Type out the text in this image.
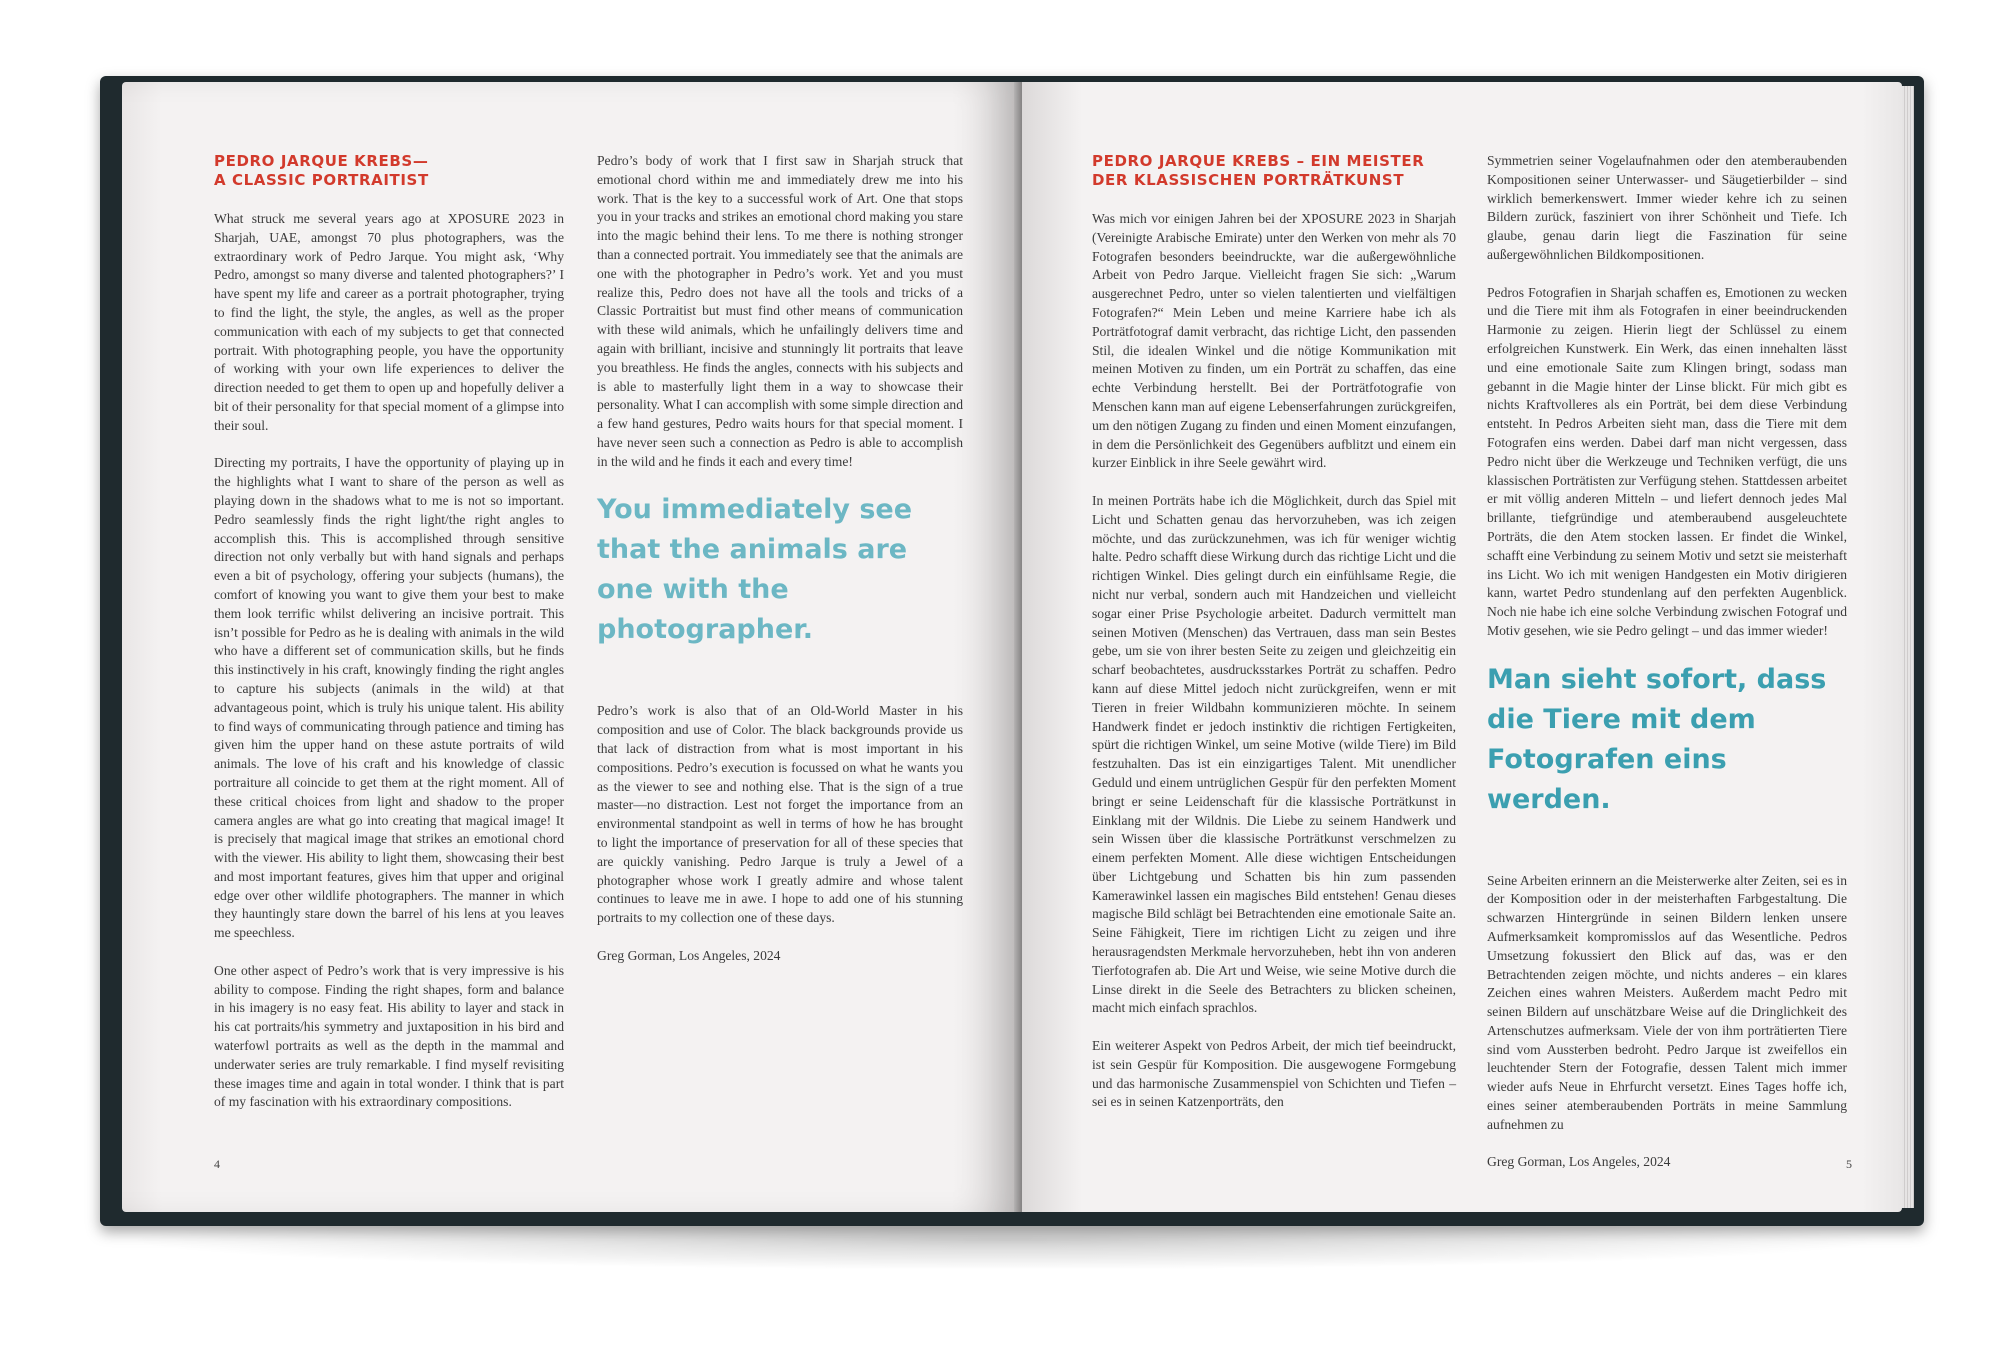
PEDRO JARQUE KREBS—
A CLASSIC PORTRAITIST

What struck me several years ago at XPOSURE 2023 in Sharjah, UAE, amongst 70 plus photographers, was the extraordinary work of Pedro Jarque. You might ask, ‘Why Pedro, amongst so many diverse and talented photographers?’ I have spent my life and career as a portrait photographer, trying to find the light, the style, the angles, as well as the proper communication with each of my subjects to get that connected portrait. With photographing people, you have the opportunity of working with your own life experiences to deliver the direction needed to get them to open up and hopefully deliver a bit of their personality for that special moment of a glimpse into their soul.

Directing my portraits, I have the opportunity of playing up in the highlights what I want to share of the person as well as playing down in the shadows what to me is not so important. Pedro seamlessly finds the right light/the right angles to accomplish this. This is accomplished through sensitive direction not only verbally but with hand signals and perhaps even a bit of psychology, offering your subjects (humans), the comfort of knowing you want to give them your best to make them look terrific whilst delivering an incisive portrait. This isn’t possible for Pedro as he is dealing with animals in the wild who have a different set of communication skills, but he finds this instinctively in his craft, knowingly finding the right angles to capture his subjects (animals in the wild) at that advantageous point, which is truly his unique talent. His ability to find ways of communicating through patience and timing has given him the upper hand on these astute portraits of wild animals. The love of his craft and his knowledge of classic portraiture all coincide to get them at the right moment. All of these critical choices from light and shadow to the proper camera angles are what go into creating that magical image! It is precisely that magical image that strikes an emotional chord with the viewer. His ability to light them, showcasing their best and most important features, gives him that upper and original edge over other wildlife photographers. The manner in which they hauntingly stare down the barrel of his lens at you leaves me speechless.

One other aspect of Pedro’s work that is very impressive is his ability to compose. Finding the right shapes, form and balance in his imagery is no easy feat. His ability to layer and stack in his cat portraits/his symmetry and juxtaposition in his bird and waterfowl portraits as well as the depth in the mammal and underwater series are truly remarkable. I find myself revisiting these images time and again in total wonder. I think that is part of my fascination with his extraordinary compositions.

Pedro’s body of work that I first saw in Sharjah struck that emotional chord within me and immediately drew me into his work. That is the key to a successful work of Art. One that stops you in your tracks and strikes an emotional chord making you stare into the magic behind their lens. To me there is nothing stronger than a connected portrait. You immediately see that the animals are one with the photographer in Pedro’s work. Yet and you must realize this, Pedro does not have all the tools and tricks of a Classic Portraitist but must find other means of communication with these wild animals, which he unfailingly delivers time and again with brilliant, incisive and stunningly lit portraits that leave you breathless. He finds the angles, connects with his subjects and is able to masterfully light them in a way to showcase their personality. What I can accomplish with some simple direction and a few hand gestures, Pedro waits hours for that special moment. I have never seen such a connection as Pedro is able to accomplish in the wild and he finds it each and every time!

You immediately see that the animals are one with the photographer.

Pedro’s work is also that of an Old-World Master in his composition and use of Color. The black backgrounds provide us that lack of distraction from what is most important in his compositions. Pedro’s execution is focussed on what he wants you as the viewer to see and nothing else. That is the sign of a true master—no distraction. Lest not forget the importance from an environmental standpoint as well in terms of how he has brought to light the importance of preservation for all of these species that are quickly vanishing. Pedro Jarque is truly a Jewel of a photographer whose work I greatly admire and whose talent continues to leave me in awe. I hope to add one of his stunning portraits to my collection one of these days.

Greg Gorman, Los Angeles, 2024

4
PEDRO JARQUE KREBS – EIN MEISTER
DER KLASSISCHEN PORTRÄTKUNST

Was mich vor einigen Jahren bei der XPOSURE 2023 in Sharjah (Vereinigte Arabische Emirate) unter den Werken von mehr als 70 Fotografen besonders beeindruckte, war die außergewöhnliche Arbeit von Pedro Jarque. Vielleicht fragen Sie sich: „Warum ausgerechnet Pedro, unter so vielen talentierten und vielfältigen Fotografen?“ Mein Leben und meine Karriere habe ich als Porträtfotograf damit verbracht, das richtige Licht, den passenden Stil, die idealen Winkel und die nötige Kommunikation mit meinen Motiven zu finden, um ein Porträt zu schaffen, das eine echte Verbindung herstellt. Bei der Porträtfotografie von Menschen kann man auf eigene Lebenserfahrungen zurückgreifen, um den nötigen Zugang zu finden und einen Moment einzufangen, in dem die Persönlichkeit des Gegenübers aufblitzt und einem ein kurzer Einblick in ihre Seele gewährt wird.

In meinen Porträts habe ich die Möglichkeit, durch das Spiel mit Licht und Schatten genau das hervorzuheben, was ich zeigen möchte, und das zurückzunehmen, was ich für weniger wichtig halte. Pedro schafft diese Wirkung durch das richtige Licht und die richtigen Winkel. Dies gelingt durch ein einfühlsame Regie, die nicht nur verbal, sondern auch mit Handzeichen und vielleicht sogar einer Prise Psychologie arbeitet. Dadurch vermittelt man seinen Motiven (Menschen) das Vertrauen, dass man sein Bestes gebe, um sie von ihrer besten Seite zu zeigen und gleichzeitig ein scharf beobachtetes, ausdrucksstarkes Porträt zu schaffen. Pedro kann auf diese Mittel jedoch nicht zurückgreifen, wenn er mit Tieren in freier Wildbahn kommunizieren möchte. In seinem Handwerk findet er jedoch instinktiv die richtigen Fertigkeiten, spürt die richtigen Winkel, um seine Motive (wilde Tiere) im Bild festzuhalten. Das ist ein einzigartiges Talent. Mit unendlicher Geduld und einem untrüglichen Gespür für den perfekten Moment bringt er seine Leidenschaft für die klassische Porträtkunst in Einklang mit der Wildnis. Die Liebe zu seinem Handwerk und sein Wissen über die klassische Porträtkunst verschmelzen zu einem perfekten Moment. Alle diese wichtigen Entscheidungen über Lichtgebung und Schatten bis hin zum passenden Kamerawinkel lassen ein magisches Bild entstehen! Genau dieses magische Bild schlägt bei Betrachtenden eine emotionale Saite an. Seine Fähigkeit, Tiere im richtigen Licht zu zeigen und ihre herausragendsten Merkmale hervorzuheben, hebt ihn von anderen Tierfotografen ab. Die Art und Weise, wie seine Motive durch die Linse direkt in die Seele des Betrachters zu blicken scheinen, macht mich einfach sprachlos.

Ein weiterer Aspekt von Pedros Arbeit, der mich tief beeindruckt, ist sein Gespür für Komposition. Die ausgewogene Formgebung und das harmonische Zusammenspiel von Schichten und Tiefen – sei es in seinen Katzenporträts, den

Symmetrien seiner Vogelaufnahmen oder den atemberaubenden Kompositionen seiner Unterwasser- und Säugetierbilder – sind wirklich bemerkenswert. Immer wieder kehre ich zu seinen Bildern zurück, fasziniert von ihrer Schönheit und Tiefe. Ich glaube, genau darin liegt die Faszination für seine außergewöhnlichen Bildkompositionen.

Pedros Fotografien in Sharjah schaffen es, Emotionen zu wecken und die Tiere mit ihm als Fotografen in einer beeindruckenden Harmonie zu zeigen. Hierin liegt der Schlüssel zu einem erfolgreichen Kunstwerk. Ein Werk, das einen innehalten lässt und eine emotionale Saite zum Klingen bringt, sodass man gebannt in die Magie hinter der Linse blickt. Für mich gibt es nichts Kraftvolleres als ein Porträt, bei dem diese Verbindung entsteht. In Pedros Arbeiten sieht man, dass die Tiere mit dem Fotografen eins werden. Dabei darf man nicht vergessen, dass Pedro nicht über die Werkzeuge und Techniken verfügt, die uns klassischen Porträtisten zur Verfügung stehen. Stattdessen arbeitet er mit völlig anderen Mitteln – und liefert dennoch jedes Mal brillante, tiefgründige und atemberaubend ausgeleuchtete Porträts, die den Atem stocken lassen. Er findet die Winkel, schafft eine Verbindung zu seinem Motiv und setzt sie meisterhaft ins Licht. Wo ich mit wenigen Handgesten ein Motiv dirigieren kann, wartet Pedro stundenlang auf den perfekten Augenblick. Noch nie habe ich eine solche Verbindung zwischen Fotograf und Motiv gesehen, wie sie Pedro gelingt – und das immer wieder!

Man sieht sofort, dass die Tiere mit dem Fotografen eins werden.

Seine Arbeiten erinnern an die Meisterwerke alter Zeiten, sei es in der Komposition oder in der meisterhaften Farbgestaltung. Die schwarzen Hintergründe in seinen Bildern lenken unsere Aufmerksamkeit kompromisslos auf das Wesentliche. Pedros Umsetzung fokussiert den Blick auf das, was er den Betrachtenden zeigen möchte, und nichts anderes – ein klares Zeichen eines wahren Meisters. Außerdem macht Pedro mit seinen Bildern auf unschätzbare Weise auf die Dringlichkeit des Artenschutzes aufmerksam. Viele der von ihm porträtierten Tiere sind vom Aussterben bedroht. Pedro Jarque ist zweifellos ein leuchtender Stern der Fotografie, dessen Talent mich immer wieder aufs Neue in Ehrfurcht versetzt. Eines Tages hoffe ich, eines seiner atemberaubenden Porträts in meine Sammlung aufnehmen zu

Greg Gorman, Los Angeles, 2024	5
